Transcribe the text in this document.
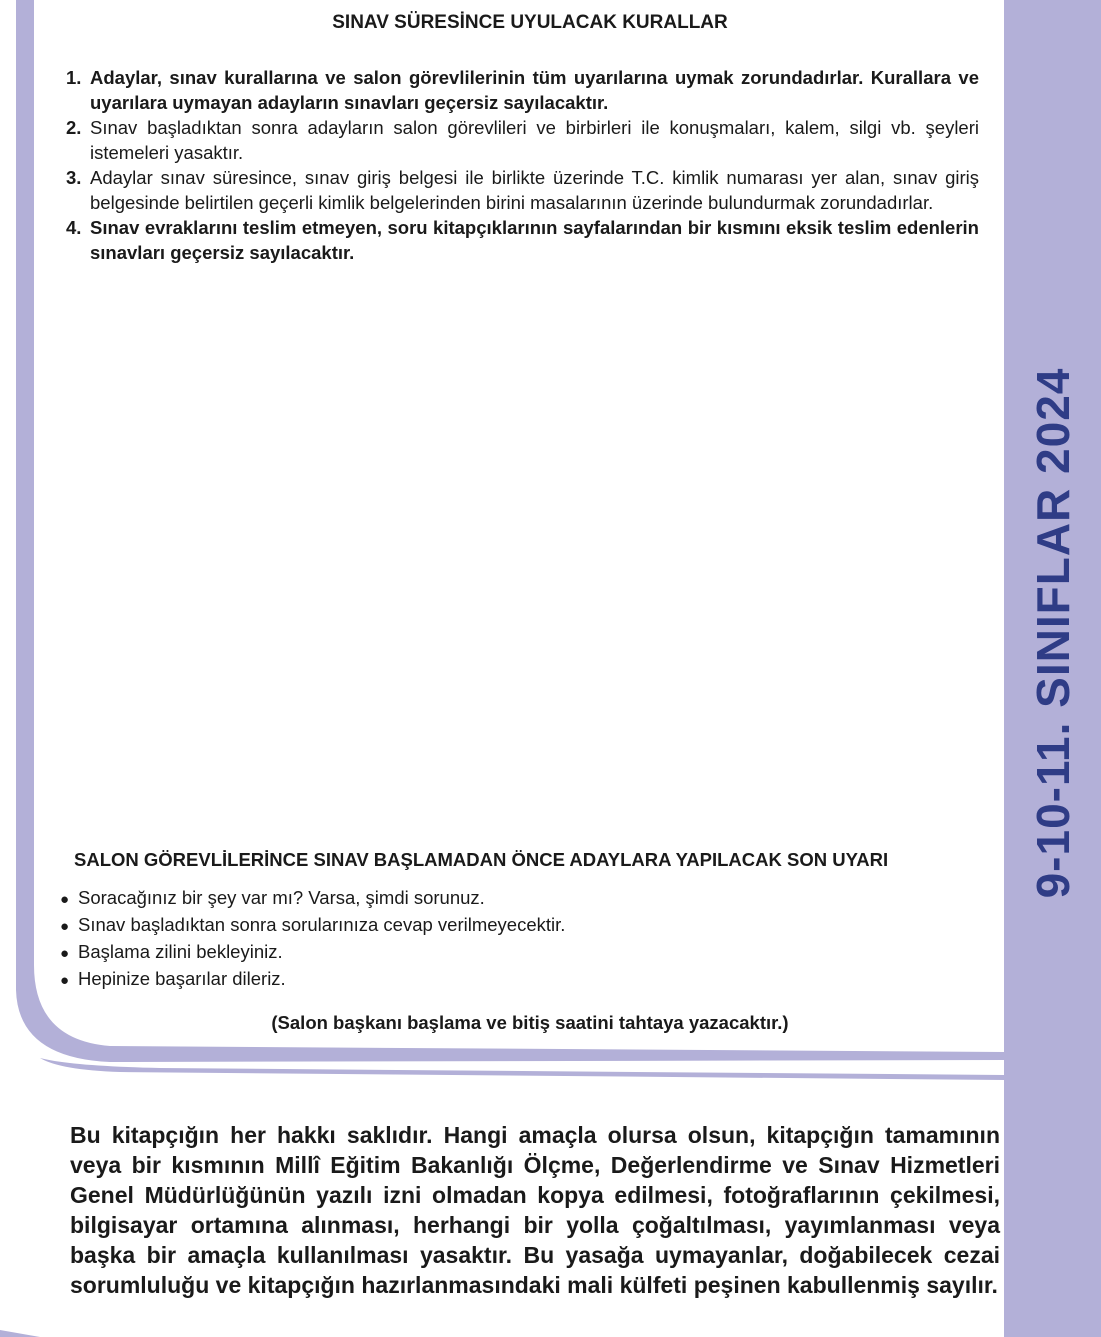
9-10-11. SINIFLAR 2024
SINAV SÜRESİNCE UYULACAK KURALLAR
1. Adaylar, sınav kurallarına ve salon görevlilerinin tüm uyarılarına uymak zorundadırlar. Kurallara ve uyarılara uymayan adayların sınavları geçersiz sayılacaktır.
2. Sınav başladıktan sonra adayların salon görevlileri ve birbirleri ile konuşmaları, kalem, silgi vb. şeyleri istemeleri yasaktır.
3. Adaylar sınav süresince, sınav giriş belgesi ile birlikte üzerinde T.C. kimlik numarası yer alan, sınav giriş belgesinde belirtilen geçerli kimlik belgelerinden birini masalarının üzerinde bulundurmak zorundadırlar.
4. Sınav evraklarını teslim etmeyen, soru kitapçıklarının sayfalarından bir kısmını eksik teslim edenlerin sınavları geçersiz sayılacaktır.
SALON GÖREVLİLERİNCE SINAV BAŞLAMADAN ÖNCE ADAYLARA YAPILACAK SON UYARI
● Soracağınız bir şey var mı? Varsa, şimdi sorunuz.
● Sınav başladıktan sonra sorularınıza cevap verilmeyecektir.
● Başlama zilini bekleyiniz.
● Hepinize başarılar dileriz.
(Salon başkanı başlama ve bitiş saatini tahtaya yazacaktır.)

Bu kitapçığın her hakkı saklıdır. Hangi amaçla olursa olsun, kitapçığın tamamının veya bir kısmının Millî Eğitim Bakanlığı Ölçme, Değerlendirme ve Sınav Hizmetleri Genel Müdürlüğünün yazılı izni olmadan kopya edilmesi, fotoğraflarının çekilmesi, bilgisayar ortamına alınması, herhangi bir yolla çoğaltılması, yayımlanması veya başka bir amaçla kullanılması yasaktır. Bu yasağa uymayanlar, doğabilecek cezai sorumluluğu ve kitapçığın hazırlanmasındaki mali külfeti peşinen kabullenmiş sayılır.
